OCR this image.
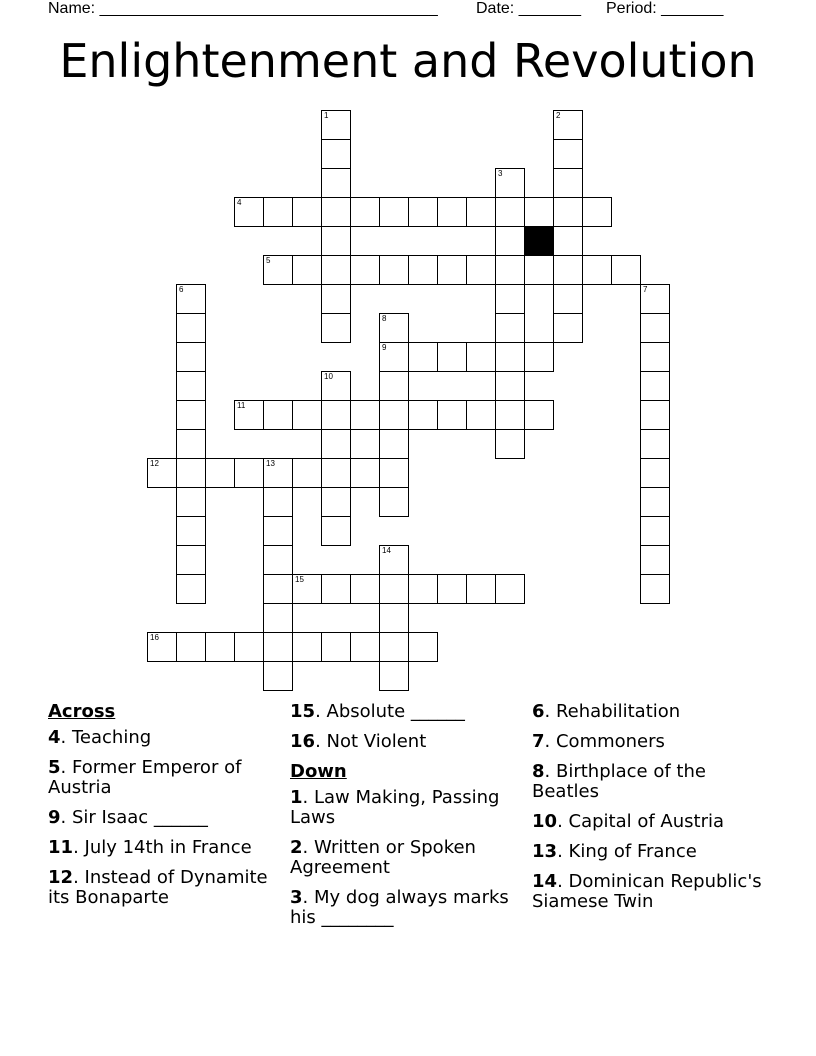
Name: ______________________________________ Date: _______ Period: _______
Enlightenment and Revolution
1	2
3
4
5
6	7
8
9
10
11
12	13
14
15
16
Across
4. Teaching
5. Former Emperor of Austria
9. Sir Isaac ______
11. July 14th in France
12. Instead of Dynamite its Bonaparte
15. Absolute ______
16. Not Violent
Down
1. Law Making, Passing Laws
2. Written or Spoken Agreement
3. My dog always marks his ________
6. Rehabilitation
7. Commoners
8. Birthplace of the Beatles
10. Capital of Austria
13. King of France
14. Dominican Republic's Siamese Twin
